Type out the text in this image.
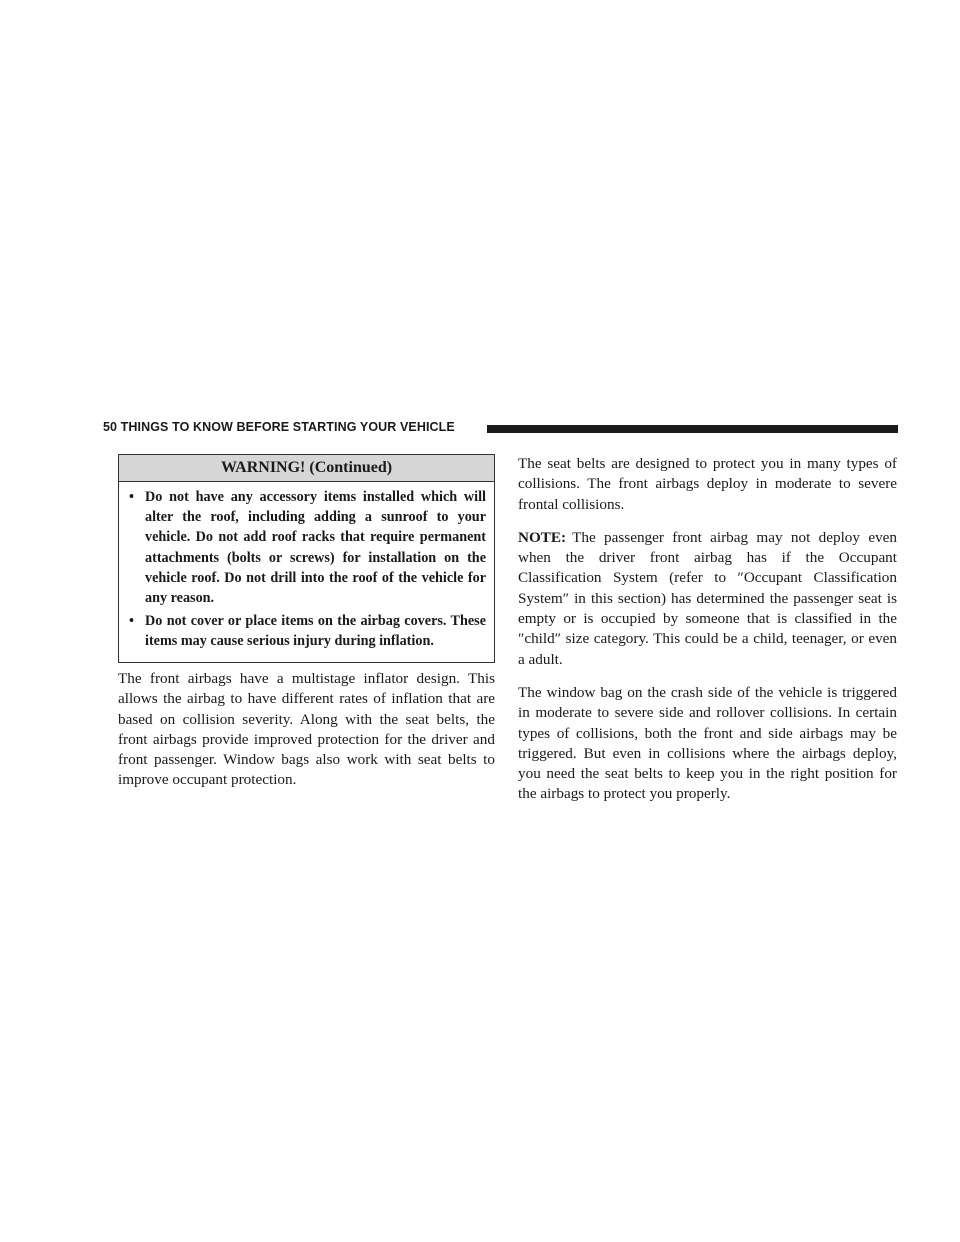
50 THINGS TO KNOW BEFORE STARTING YOUR VEHICLE
WARNING! (Continued)
• Do not have any accessory items installed which will alter the roof, including adding a sunroof to your vehicle. Do not add roof racks that require permanent attachments (bolts or screws) for installation on the vehicle roof. Do not drill into the roof of the vehicle for any reason.
• Do not cover or place items on the airbag covers. These items may cause serious injury during inflation.

The front airbags have a multistage inflator design. This allows the airbag to have different rates of inflation that are based on collision severity. Along with the seat belts, the front airbags provide improved protection for the driver and front passenger. Window bags also work with seat belts to improve occupant protection.

The seat belts are designed to protect you in many types of collisions. The front airbags deploy in moderate to severe frontal collisions.

NOTE: The passenger front airbag may not deploy even when the driver front airbag has if the Occupant Classification System (refer to ″Occupant Classification System″ in this section) has determined the passenger seat is empty or is occupied by someone that is classified in the ″child″ size category. This could be a child, teenager, or even a adult.

The window bag on the crash side of the vehicle is triggered in moderate to severe side and rollover collisions. In certain types of collisions, both the front and side airbags may be triggered. But even in collisions where the airbags deploy, you need the seat belts to keep you in the right position for the airbags to protect you properly.
